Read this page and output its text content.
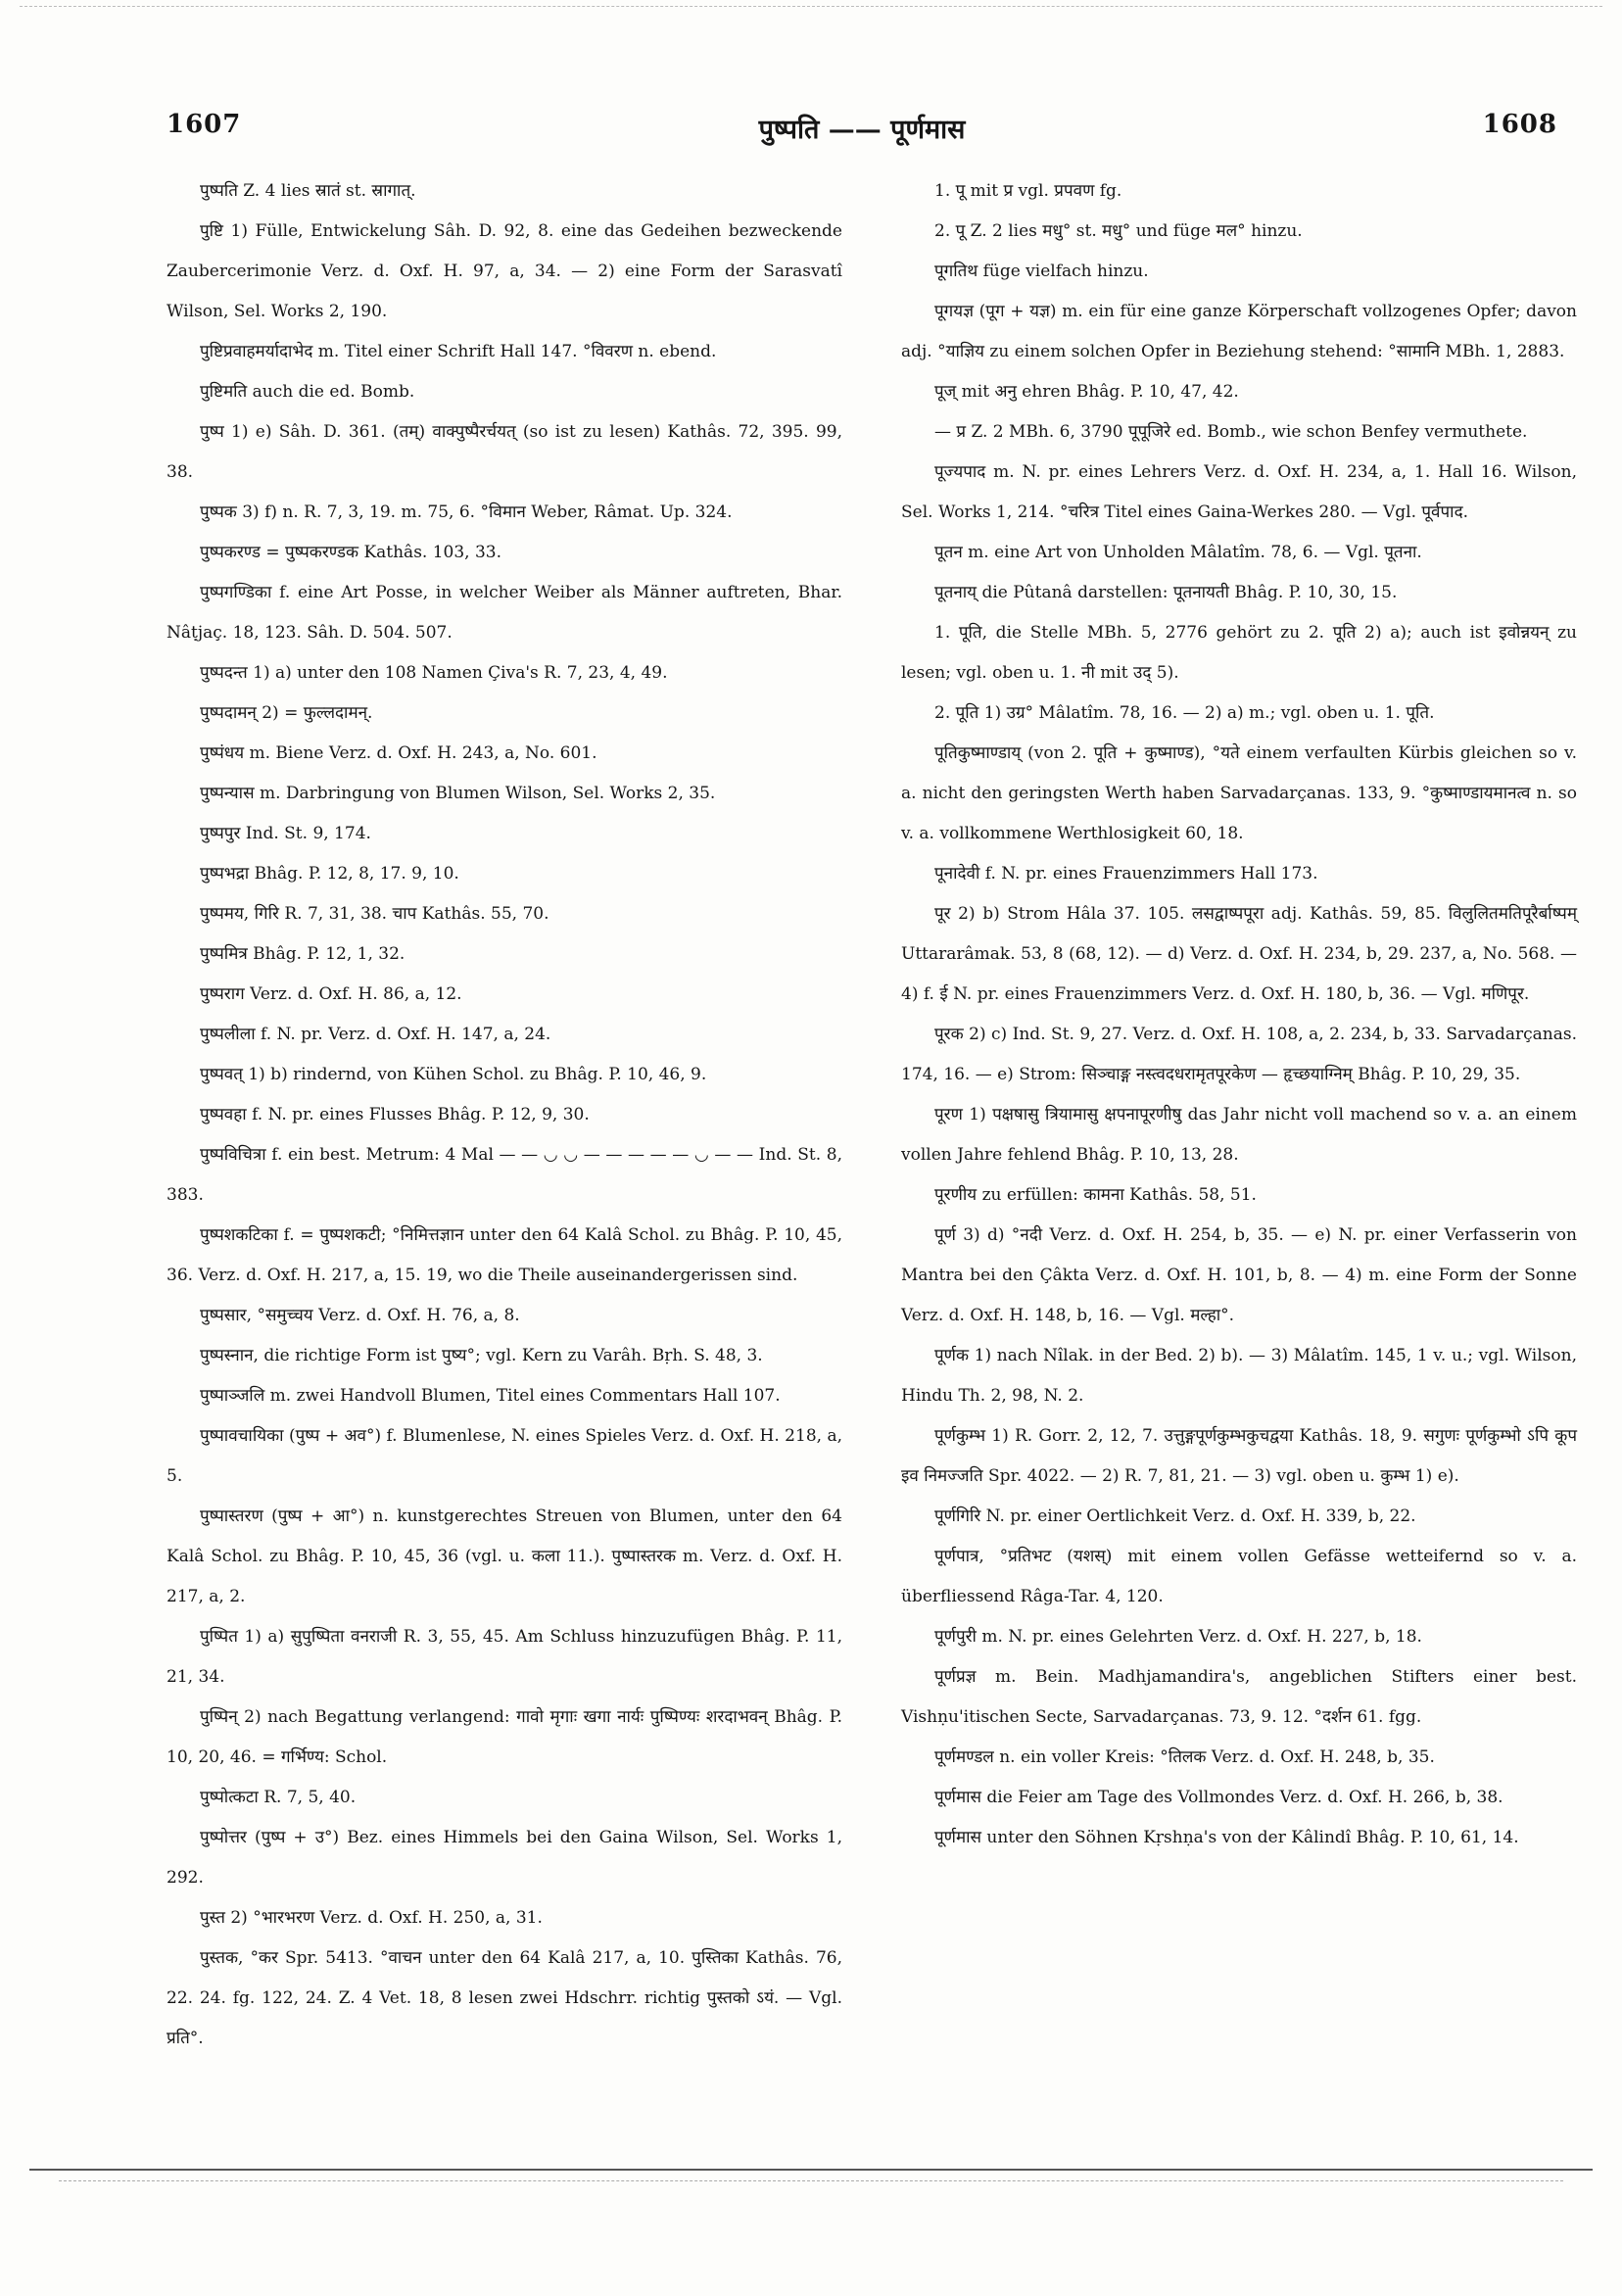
1607	पुष्पति —— पूर्णमास	1608

पुष्पति Z. 4 lies स्रातं st. स्रागात्.

पुष्टि 1) Fülle, Entwickelung Sâh. D. 92, 8. eine das Gedeihen bezweckende Zaubercerimonie Verz. d. Oxf. H. 97, a, 34. — 2) eine Form der Sarasvatî Wilson, Sel. Works 2, 190.

पुष्टिप्रवाहमर्यादाभेद m. Titel einer Schrift Hall 147. °विवरण n. ebend.

पुष्टिमति auch die ed. Bomb.

पुष्प 1) e) Sâh. D. 361. (तम्) वाक्पुष्पैरर्चयत् (so ist zu lesen) Kathâs. 72, 395. 99, 38.

पुष्पक 3) f) n. R. 7, 3, 19. m. 75, 6. °विमान Weber, Râmat. Up. 324.

पुष्पकरण्ड = पुष्पकरण्डक Kathâs. 103, 33.

पुष्पगण्डिका f. eine Art Posse, in welcher Weiber als Männer auftreten, Bhar. Nâṭjaç. 18, 123. Sâh. D. 504. 507.

पुष्पदन्त 1) a) unter den 108 Namen Çiva's R. 7, 23, 4, 49.

पुष्पदामन् 2) = फुल्लदामन्.

पुष्पंधय m. Biene Verz. d. Oxf. H. 243, a, No. 601.

पुष्पन्यास m. Darbringung von Blumen Wilson, Sel. Works 2, 35.

पुष्पपुर Ind. St. 9, 174.

पुष्पभद्रा Bhâg. P. 12, 8, 17. 9, 10.

पुष्पमय, गिरि R. 7, 31, 38. चाप Kathâs. 55, 70.

पुष्पमित्र Bhâg. P. 12, 1, 32.

पुष्पराग Verz. d. Oxf. H. 86, a, 12.

पुष्पलीला f. N. pr. Verz. d. Oxf. H. 147, a, 24.

पुष्पवत् 1) b) rindernd, von Kühen Schol. zu Bhâg. P. 10, 46, 9.

पुष्पवहा f. N. pr. eines Flusses Bhâg. P. 12, 9, 30.

पुष्पविचित्रा f. ein best. Metrum: 4 Mal — — ◡ ◡ — — — — — ◡ — — Ind. St. 8, 383.

पुष्पशकटिका f. = पुष्पशकटी; °निमित्तज्ञान unter den 64 Kalâ Schol. zu Bhâg. P. 10, 45, 36. Verz. d. Oxf. H. 217, a, 15. 19, wo die Theile auseinandergerissen sind.

पुष्पसार, °समुच्चय Verz. d. Oxf. H. 76, a, 8.

पुष्पस्नान, die richtige Form ist पुष्य°; vgl. Kern zu Varâh. Bṛh. S. 48, 3.

पुष्पाञ्जलि m. zwei Handvoll Blumen, Titel eines Commentars Hall 107.

पुष्पावचायिका (पुष्प + अव°) f. Blumenlese, N. eines Spieles Verz. d. Oxf. H. 218, a, 5.

पुष्पास्तरण (पुष्प + आ°) n. kunstgerechtes Streuen von Blumen, unter den 64 Kalâ Schol. zu Bhâg. P. 10, 45, 36 (vgl. u. कला 11.). पुष्पास्तरक m. Verz. d. Oxf. H. 217, a, 2.

पुष्पित 1) a) सुपुष्पिता वनराजी R. 3, 55, 45. Am Schluss hinzuzufügen Bhâg. P. 11, 21, 34.

पुष्पिन् 2) nach Begattung verlangend: गावो मृगाः खगा नार्यः पुष्पिण्यः शरदाभवन् Bhâg. P. 10, 20, 46. = गर्भिण्य: Schol.

पुष्पोत्कटा R. 7, 5, 40.

पुष्पोत्तर (पुष्प + उ°) Bez. eines Himmels bei den Gaina Wilson, Sel. Works 1, 292.

पुस्त 2) °भारभरण Verz. d. Oxf. H. 250, a, 31.

पुस्तक, °कर Spr. 5413. °वाचन unter den 64 Kalâ 217, a, 10. पुस्तिका Kathâs. 76, 22. 24. fg. 122, 24. Z. 4 Vet. 18, 8 lesen zwei Hdschrr. richtig पुस्तको ऽयं. — Vgl. प्रति°.

1. पू mit प्र vgl. प्रपवण fg.

2. पू Z. 2 lies मधु° st. मधु° und füge मल° hinzu.

पूगतिथ füge vielfach hinzu.

पूगयज्ञ (पूग + यज्ञ) m. ein für eine ganze Körperschaft vollzogenes Opfer; davon adj. °याज्ञिय zu einem solchen Opfer in Beziehung stehend: °सामानि MBh. 1, 2883.

पूज् mit अनु ehren Bhâg. P. 10, 47, 42.

— प्र Z. 2 MBh. 6, 3790 पूपूजिरे ed. Bomb., wie schon Benfey vermuthete.

पूज्यपाद m. N. pr. eines Lehrers Verz. d. Oxf. H. 234, a, 1. Hall 16. Wilson, Sel. Works 1, 214. °चरित्र Titel eines Gaina-Werkes 280. — Vgl. पूर्वपाद.

पूतन m. eine Art von Unholden Mâlatîm. 78, 6. — Vgl. पूतना.

पूतनाय् die Pûtanâ darstellen: पूतनायती Bhâg. P. 10, 30, 15.

1. पूति, die Stelle MBh. 5, 2776 gehört zu 2. पूति 2) a); auch ist इवोन्नयन् zu lesen; vgl. oben u. 1. नी mit उद् 5).

2. पूति 1) उग्र° Mâlatîm. 78, 16. — 2) a) m.; vgl. oben u. 1. पूति.

पूतिकुष्माण्डाय् (von 2. पूति + कुष्माण्ड), °यते einem verfaulten Kürbis gleichen so v. a. nicht den geringsten Werth haben Sarvadarçanas. 133, 9. °कुष्माण्डायमानत्व n. so v. a. vollkommene Werthlosigkeit 60, 18.

पूनादेवी f. N. pr. eines Frauenzimmers Hall 173.

पूर 2) b) Strom Hâla 37. 105. लसद्वाष्पपूरा adj. Kathâs. 59, 85. विलुलितमतिपूरैर्बाष्पम् Uttararâmak. 53, 8 (68, 12). — d) Verz. d. Oxf. H. 234, b, 29. 237, a, No. 568. — 4) f. ई N. pr. eines Frauenzimmers Verz. d. Oxf. H. 180, b, 36. — Vgl. मणिपूर.

पूरक 2) c) Ind. St. 9, 27. Verz. d. Oxf. H. 108, a, 2. 234, b, 33. Sarvadarçanas. 174, 16. — e) Strom: सिञ्चाङ्ग नस्त्वदधरामृतपूरकेण — हृच्छयाग्निम् Bhâg. P. 10, 29, 35.

पूरण 1) पक्षषासु त्रियामासु क्षपनापूरणीषु das Jahr nicht voll machend so v. a. an einem vollen Jahre fehlend Bhâg. P. 10, 13, 28.

पूरणीय zu erfüllen: कामना Kathâs. 58, 51.

पूर्ण 3) d) °नदी Verz. d. Oxf. H. 254, b, 35. — e) N. pr. einer Verfasserin von Mantra bei den Çâkta Verz. d. Oxf. H. 101, b, 8. — 4) m. eine Form der Sonne Verz. d. Oxf. H. 148, b, 16. — Vgl. मल्हा°.

पूर्णक 1) nach Nîlak. in der Bed. 2) b). — 3) Mâlatîm. 145, 1 v. u.; vgl. Wilson, Hindu Th. 2, 98, N. 2.

पूर्णकुम्भ 1) R. Gorr. 2, 12, 7. उत्तुङ्गपूर्णकुम्भकुचद्वया Kathâs. 18, 9. सगुणः पूर्णकुम्भो ऽपि कूप इव निमज्जति Spr. 4022. — 2) R. 7, 81, 21. — 3) vgl. oben u. कुम्भ 1) e).

पूर्णगिरि N. pr. einer Oertlichkeit Verz. d. Oxf. H. 339, b, 22.

पूर्णपात्र, °प्रतिभट (यशस्) mit einem vollen Gefässe wetteifernd so v. a. überfliessend Râga-Tar. 4, 120.

पूर्णपुरी m. N. pr. eines Gelehrten Verz. d. Oxf. H. 227, b, 18.

पूर्णप्रज्ञ m. Bein. Madhjamandira's, angeblichen Stifters einer best. Vishṇu'itischen Secte, Sarvadarçanas. 73, 9. 12. °दर्शन 61. fgg.

पूर्णमण्डल n. ein voller Kreis: °तिलक Verz. d. Oxf. H. 248, b, 35.

पूर्णमास die Feier am Tage des Vollmondes Verz. d. Oxf. H. 266, b, 38.

पूर्णमास unter den Söhnen Kṛshṇa's von der Kâlindî Bhâg. P. 10, 61, 14.
